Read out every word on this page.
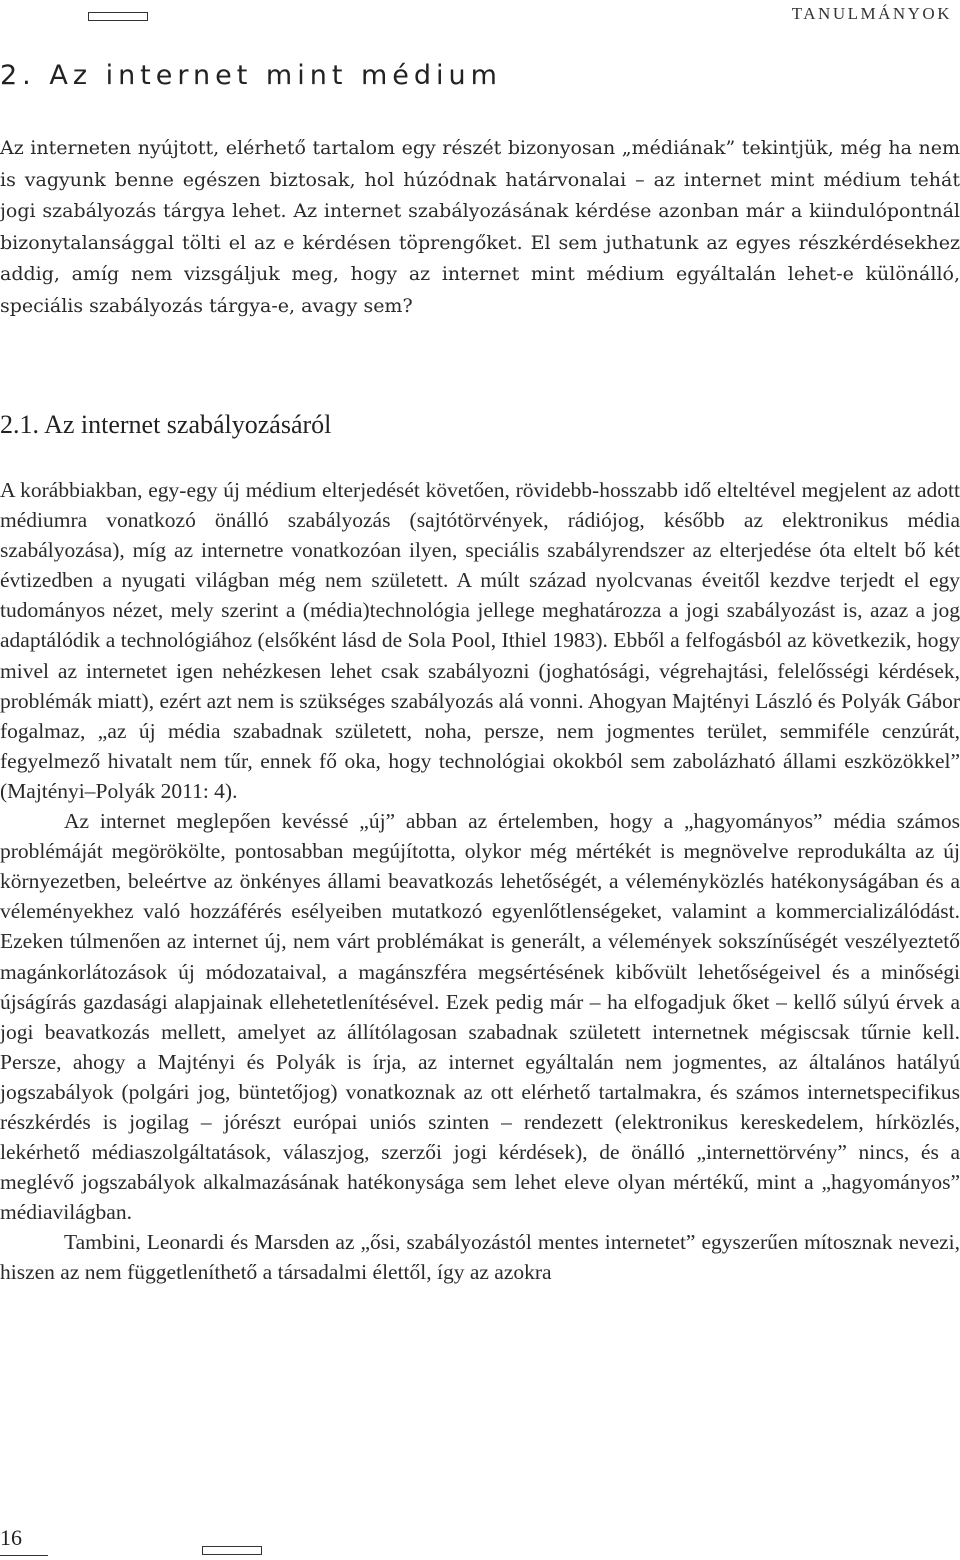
TANULMÁNYOK
2. Az internet mint médium

Az interneten nyújtott, elérhető tartalom egy részét bizonyosan „médiának” tekintjük, még ha nem is vagyunk benne egészen biztosak, hol húzódnak határvonalai – az internet mint médium tehát jogi szabályozás tárgya lehet. Az internet szabályozásának kérdése azonban már a kiindulópontnál bizonytalansággal tölti el az e kérdésen töprengőket. El sem juthatunk az egyes részkérdésekhez addig, amíg nem vizsgáljuk meg, hogy az internet mint médium egyáltalán lehet-e különálló, speciális szabályozás tárgya-e, avagy sem?

2.1. Az internet szabályozásáról

A korábbiakban, egy-egy új médium elterjedését követően, rövidebb-hosszabb idő elteltével megjelent az adott médiumra vonatkozó önálló szabályozás (sajtótörvények, rádiójog, később az elektronikus média szabályozása), míg az internetre vonatkozóan ilyen, speciális szabályrendszer az elterjedése óta eltelt bő két évtizedben a nyugati világban még nem született. A múlt század nyolcvanas éveitől kezdve terjedt el egy tudományos nézet, mely szerint a (média)technológia jellege meghatározza a jogi szabályozást is, azaz a jog adaptálódik a technológiához (elsőként lásd de Sola Pool, Ithiel 1983). Ebből a felfogásból az következik, hogy mivel az internetet igen nehézkesen lehet csak szabályozni (joghatósági, végrehajtási, felelősségi kérdések, problémák miatt), ezért azt nem is szükséges szabályozás alá vonni. Ahogyan Majtényi László és Polyák Gábor fogalmaz, „az új média szabadnak született, noha, persze, nem jogmentes terület, semmiféle cenzúrát, fegyelmező hivatalt nem tűr, ennek fő oka, hogy technológiai okokból sem zabolázható állami eszközökkel” (Majtényi–Polyák 2011: 4).

Az internet meglepően kevéssé „új” abban az értelemben, hogy a „hagyományos” média számos problémáját megörökölte, pontosabban megújította, olykor még mértékét is megnövelve reprodukálta az új környezetben, beleértve az önkényes állami beavatkozás lehetőségét, a véleményközlés hatékonyságában és a véleményekhez való hozzáférés esélyeiben mutatkozó egyenlőtlenségeket, valamint a kommercializálódást. Ezeken túlmenően az internet új, nem várt problémákat is generált, a vélemények sokszínűségét veszélyeztető magánkorlátozások új módozataival, a magánszféra megsértésének kibővült lehetőségeivel és a minőségi újságírás gazdasági alapjainak ellehetetlenítésével. Ezek pedig már – ha elfogadjuk őket – kellő súlyú érvek a jogi beavatkozás mellett, amelyet az állítólagosan szabadnak született internetnek mégiscsak tűrnie kell. Persze, ahogy a Majtényi és Polyák is írja, az internet egyáltalán nem jogmentes, az általános hatályú jogszabályok (polgári jog, büntetőjog) vonatkoznak az ott elérhető tartalmakra, és számos internetspecifikus részkérdés is jogilag – jórészt európai uniós szinten – rendezett (elektronikus kereskedelem, hírközlés, lekérhető médiaszolgáltatások, válaszjog, szerzői jogi kérdések), de önálló „internettörvény” nincs, és a meglévő jogszabályok alkalmazásának hatékonysága sem lehet eleve olyan mértékű, mint a „hagyományos” médiavilágban.

Tambini, Leonardi és Marsden az „ősi, szabályozástól mentes internetet” egyszerűen mítosznak nevezi, hiszen az nem függetleníthető a társadalmi élettől, így az azokra

16
